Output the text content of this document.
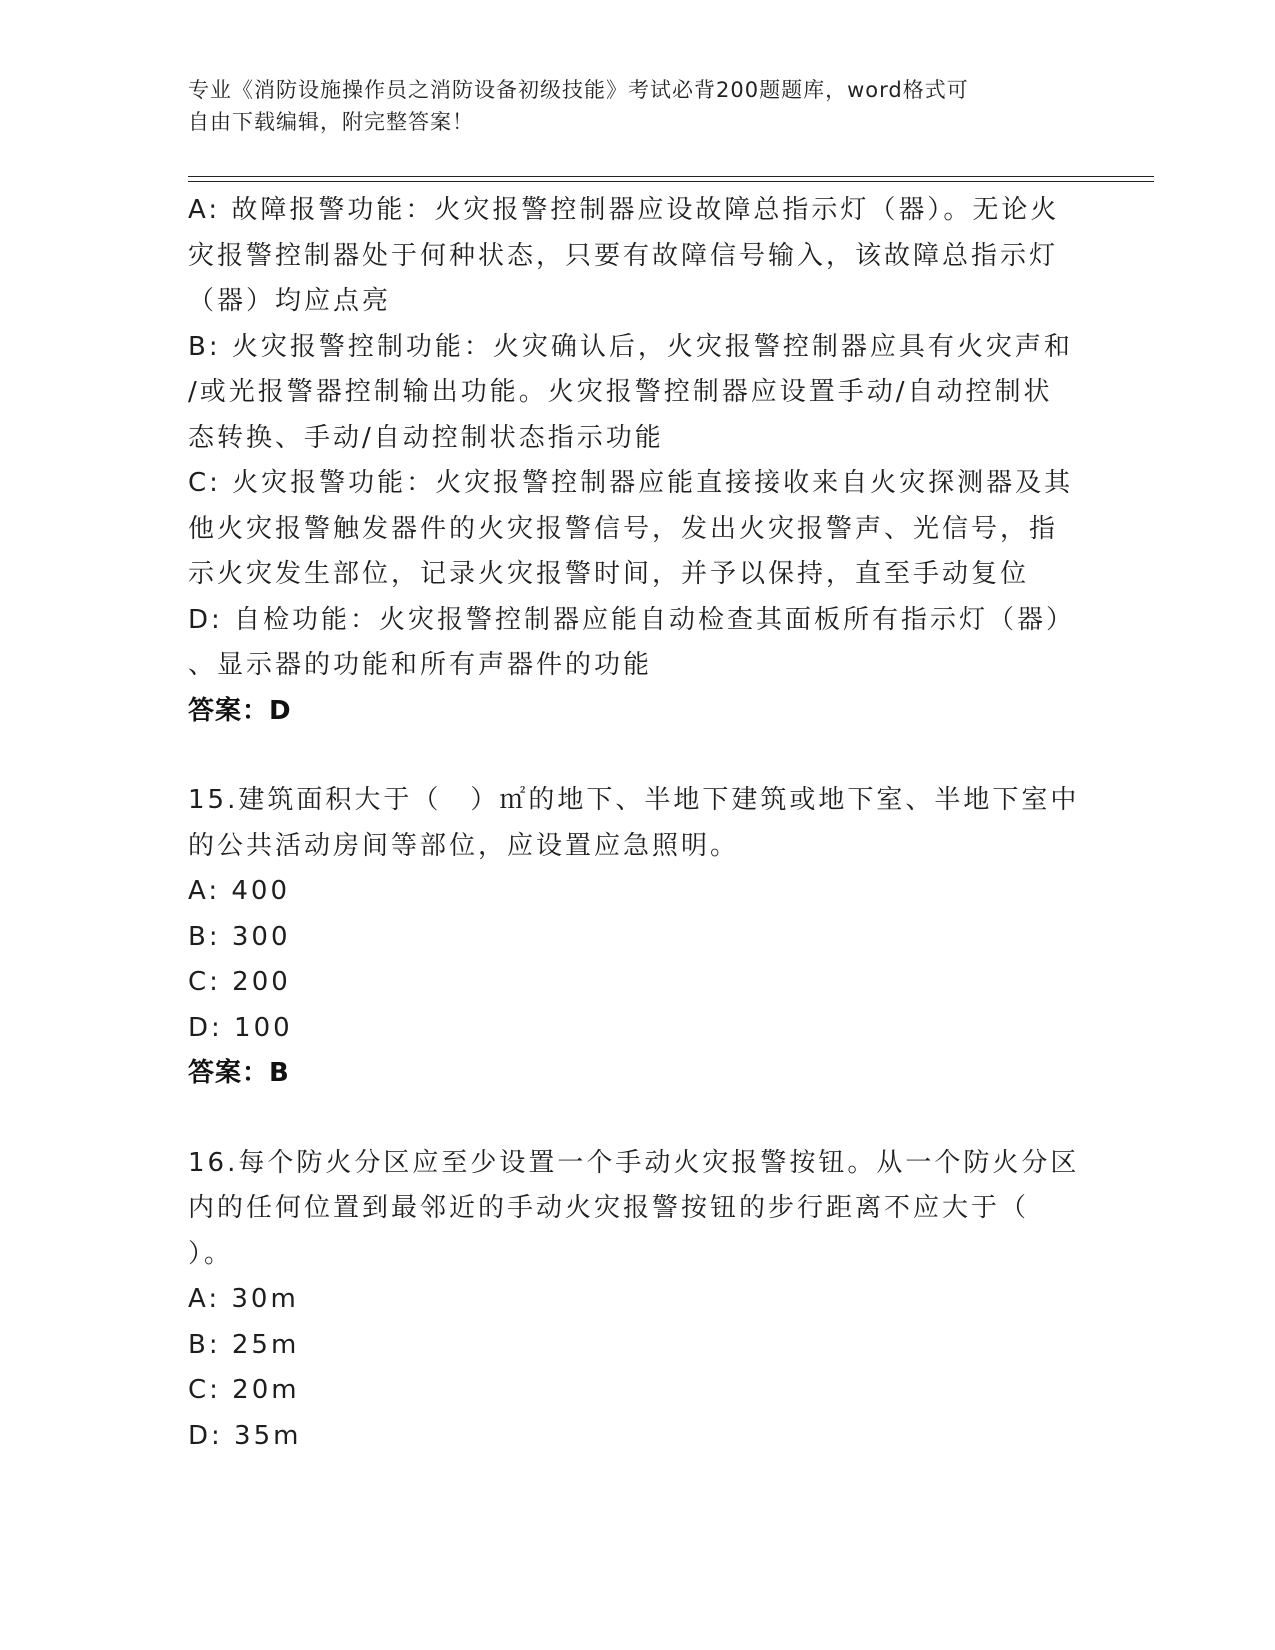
专业《消防设施操作员之消防设备初级技能》考试必背200题题库，word格式可
自由下载编辑，附完整答案！
A: 故障报警功能：火灾报警控制器应设故障总指示灯（器）。无论火
灾报警控制器处于何种状态，只要有故障信号输入，该故障总指示灯
（器）均应点亮
B: 火灾报警控制功能：火灾确认后，火灾报警控制器应具有火灾声和
/或光报警器控制输出功能。火灾报警控制器应设置手动/自动控制状
态转换、手动/自动控制状态指示功能
C: 火灾报警功能：火灾报警控制器应能直接接收来自火灾探测器及其
他火灾报警触发器件的火灾报警信号，发出火灾报警声、光信号，指
示火灾发生部位，记录火灾报警时间，并予以保持，直至手动复位
D: 自检功能：火灾报警控制器应能自动检查其面板所有指示灯（器）
、显示器的功能和所有声器件的功能
答案：D
15.建筑面积大于（　）㎡的地下、半地下建筑或地下室、半地下室中
的公共活动房间等部位，应设置应急照明。
A: 400
B: 300
C: 200
D: 100
答案：B
16.每个防火分区应至少设置一个手动火灾报警按钮。从一个防火分区
内的任何位置到最邻近的手动火灾报警按钮的步行距离不应大于（
）。
A: 30m
B: 25m
C: 20m
D: 35m
